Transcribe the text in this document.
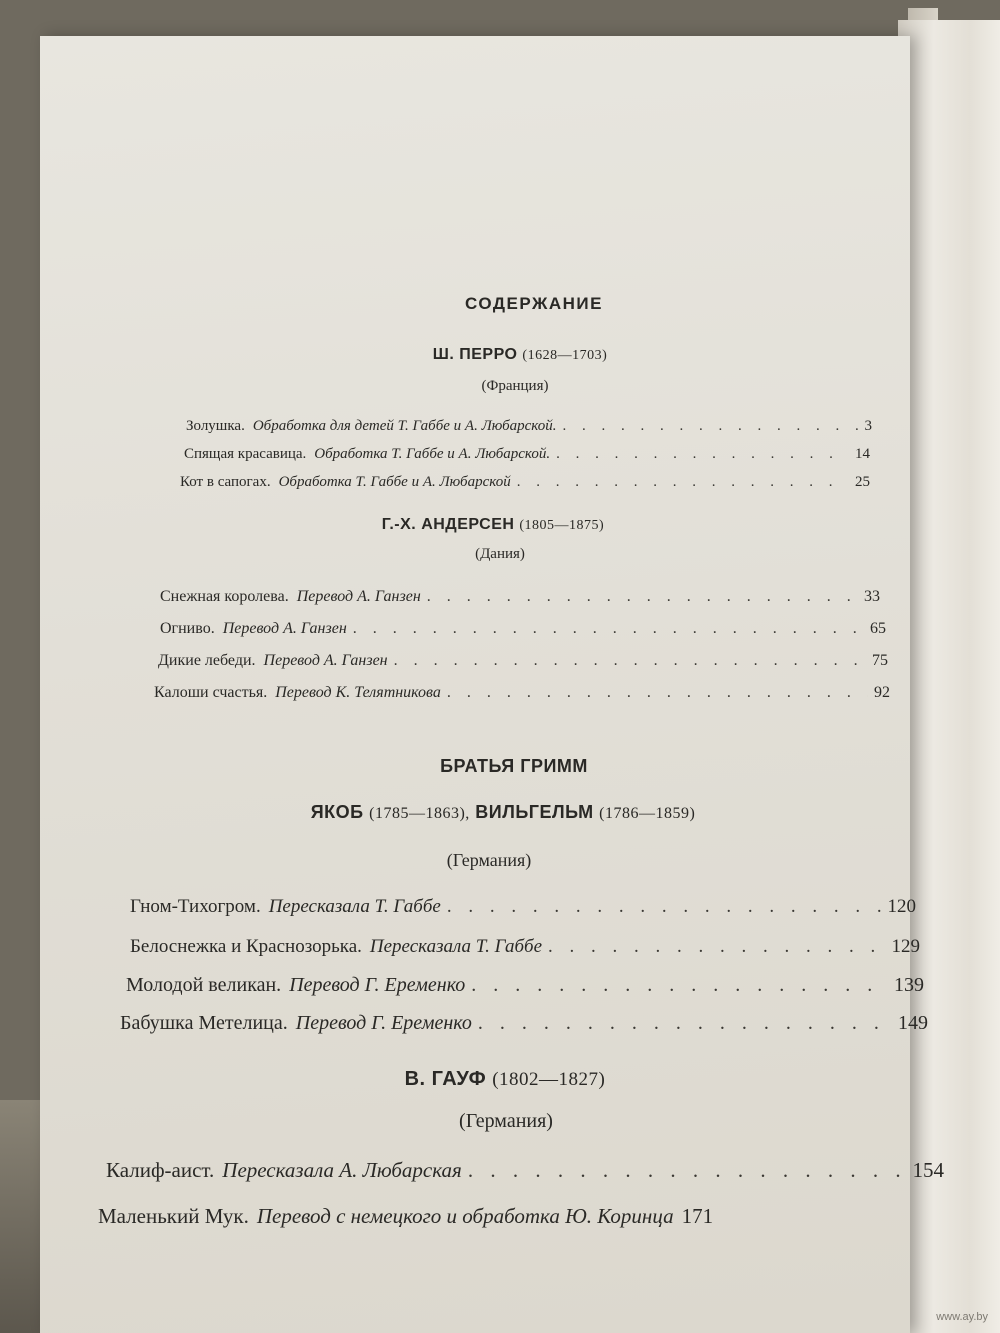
СОДЕРЖАНИЕ
Ш. ПЕРРО (1628—1703)
(Франция)
Золушка. Обработка для детей Т. Габбе и А. Любарской. . . .	3
Спящая красавица. Обработка Т. Габбе и А. Любарской. . . .	14
Кот в сапогах. Обработка Т. Габбе и А. Любарской . . .	25
Г.-Х. АНДЕРСЕН (1805—1875)
(Дания)
Снежная королева. Перевод А. Ганзен . . .	33
Огниво. Перевод А. Ганзен . . .	65
Дикие лебеди. Перевод А. Ганзен . . .	75
Калоши счастья. Перевод К. Телятникова . . .	92
БРАТЬЯ ГРИММ
ЯКОБ (1785—1863), ВИЛЬГЕЛЬМ (1786—1859)
(Германия)
Гном-Тихогром. Пересказала Т. Габбе . . .	120
Белоснежка и Краснозорька. Пересказала Т. Габбе . . .	129
Молодой великан. Перевод Г. Еременко . . .	139
Бабушка Метелица. Перевод Г. Еременко . . .	149
В. ГАУФ (1802—1827)
(Германия)
Калиф-аист. Пересказала А. Любарская . . .	154
Маленький Мук. Перевод с немецкого и обработка Ю. Коринца 171
www.ay.by
